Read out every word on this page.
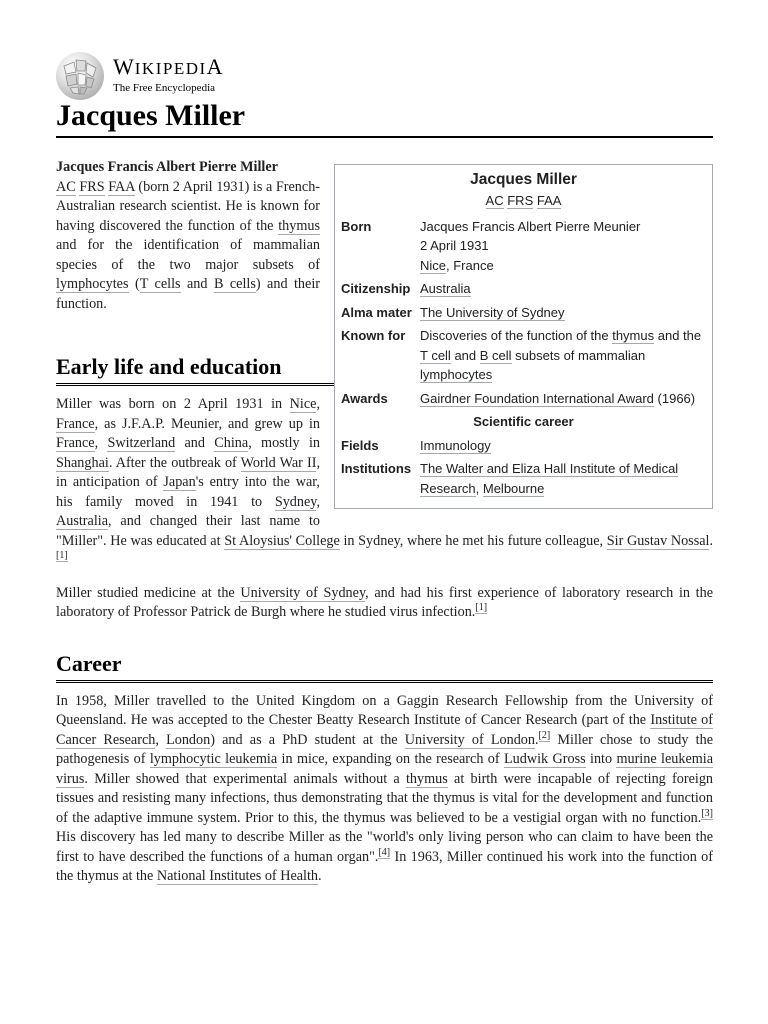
WIKIPEDIA
The Free Encyclopedia
Jacques Miller
Jacques Miller
AC FRS FAA
Born	Jacques Francis Albert Pierre Meunier
2 April 1931
Nice, France
Citizenship Australia
Alma mater The University of Sydney
Known for	Discoveries of the function of the thymus and the T cell and B cell subsets of mammalian lymphocytes
Awards	Gairdner Foundation International Award (1966)
Scientific career
Fields	Immunology
Institutions The Walter and Eliza Hall Institute of Medical Research, Melbourne

Jacques Francis Albert Pierre Miller
AC FRS FAA (born 2 April 1931) is a French-Australian research scientist. He is known for having discovered the function of the thymus and for the identification of mammalian species of the two major subsets of lymphocytes (T cells and B cells) and their function.

Early life and education

Miller was born on 2 April 1931 in Nice, France, as J.F.A.P. Meunier, and grew up in France, Switzerland and China, mostly in Shanghai. After the outbreak of World War II, in anticipation of Japan's entry into the war, his family moved in 1941 to Sydney, Australia, and changed their last name to "Miller". He was educated at St Aloysius' College in Sydney, where he met his future colleague, Sir Gustav Nossal.[1]

Miller studied medicine at the University of Sydney, and had his first experience of laboratory research in the laboratory of Professor Patrick de Burgh where he studied virus infection.[1]

Career

In 1958, Miller travelled to the United Kingdom on a Gaggin Research Fellowship from the University of Queensland. He was accepted to the Chester Beatty Research Institute of Cancer Research (part of the Institute of Cancer Research, London) and as a PhD student at the University of London.[2] Miller chose to study the pathogenesis of lymphocytic leukemia in mice, expanding on the research of Ludwik Gross into murine leukemia virus. Miller showed that experimental animals without a thymus at birth were incapable of rejecting foreign tissues and resisting many infections, thus demonstrating that the thymus is vital for the development and function of the adaptive immune system. Prior to this, the thymus was believed to be a vestigial organ with no function.[3] His discovery has led many to describe Miller as the "world's only living person who can claim to have been the first to have described the functions of a human organ".[4] In 1963, Miller continued his work into the function of the thymus at the National Institutes of Health.
